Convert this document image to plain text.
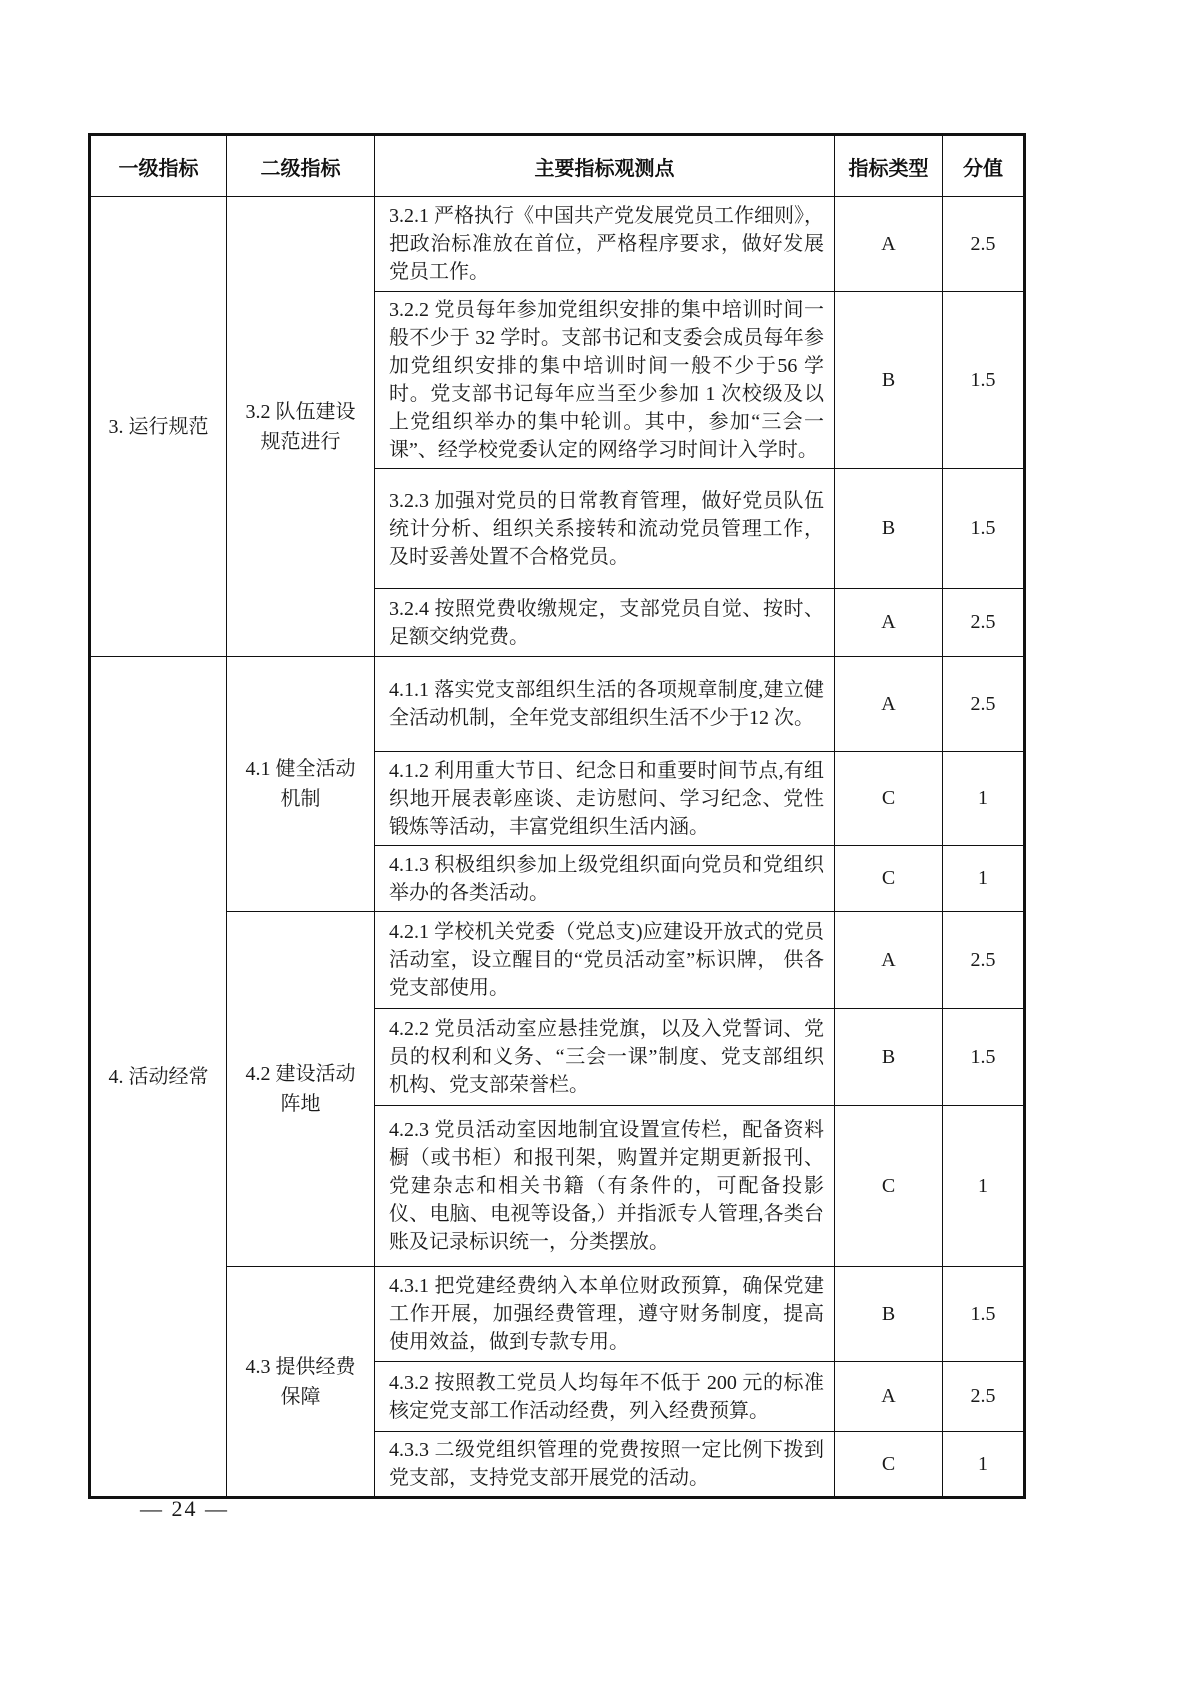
一级指标	二级指标	主要指标观测点	指标类型	分值
3. 运行规范	3.2 队伍建设规范进行	3.2.1 严格执行《中国共产党发展党员工作细则》， 把政治标准放在首位，严格程序要求，做好发展党员工作。	A	2.5
		3.2.2 党员每年参加党组织安排的集中培训时间一般不少于 32 学时。支部书记和支委会成员每年参加党组织安排的集中培训时间一般不少于56 学时。党支部书记每年应当至少参加 1 次校级及以上党组织举办的集中轮训。其中，参加“三会一课”、经学校党委认定的网络学习时间计入学时。	B	1.5
		3.2.3 加强对党员的日常教育管理，做好党员队伍统计分析、组织关系接转和流动党员管理工作， 及时妥善处置不合格党员。	B	1.5
		3.2.4 按照党费收缴规定，支部党员自觉、按时、足额交纳党费。	A	2.5
4. 活动经常	4.1 健全活动机制	4.1.1 落实党支部组织生活的各项规章制度,建立健全活动机制，全年党支部组织生活不少于12 次。	A	2.5
		4.1.2 利用重大节日、纪念日和重要时间节点,有组织地开展表彰座谈、走访慰问、学习纪念、党性锻炼等活动，丰富党组织生活内涵。	C	1
		4.1.3 积极组织参加上级党组织面向党员和党组织举办的各类活动。	C	1
	4.2 建设活动阵地	4.2.1 学校机关党委（党总支)应建设开放式的党员活动室，设立醒目的“党员活动室”标识牌， 供各党支部使用。	A	2.5
		4.2.2 党员活动室应悬挂党旗，以及入党誓词、党员的权利和义务、“三会一课”制度、党支部组织机构、党支部荣誉栏。	B	1.5
		4.2.3 党员活动室因地制宜设置宣传栏，配备资料橱（或书柜）和报刊架，购置并定期更新报刊、党建杂志和相关书籍（有条件的，可配备投影仪、电脑、电视等设备,）并指派专人管理,各类台账及记录标识统一，分类摆放。	C	1
	4.3 提供经费保障	4.3.1 把党建经费纳入本单位财政预算，确保党建工作开展，加强经费管理，遵守财务制度，提高使用效益，做到专款专用。	B	1.5
		4.3.2 按照教工党员人均每年不低于 200 元的标准核定党支部工作活动经费，列入经费预算。	A	2.5
		4.3.3 二级党组织管理的党费按照一定比例下拨到党支部，支持党支部开展党的活动。	C	1
— 24 —
